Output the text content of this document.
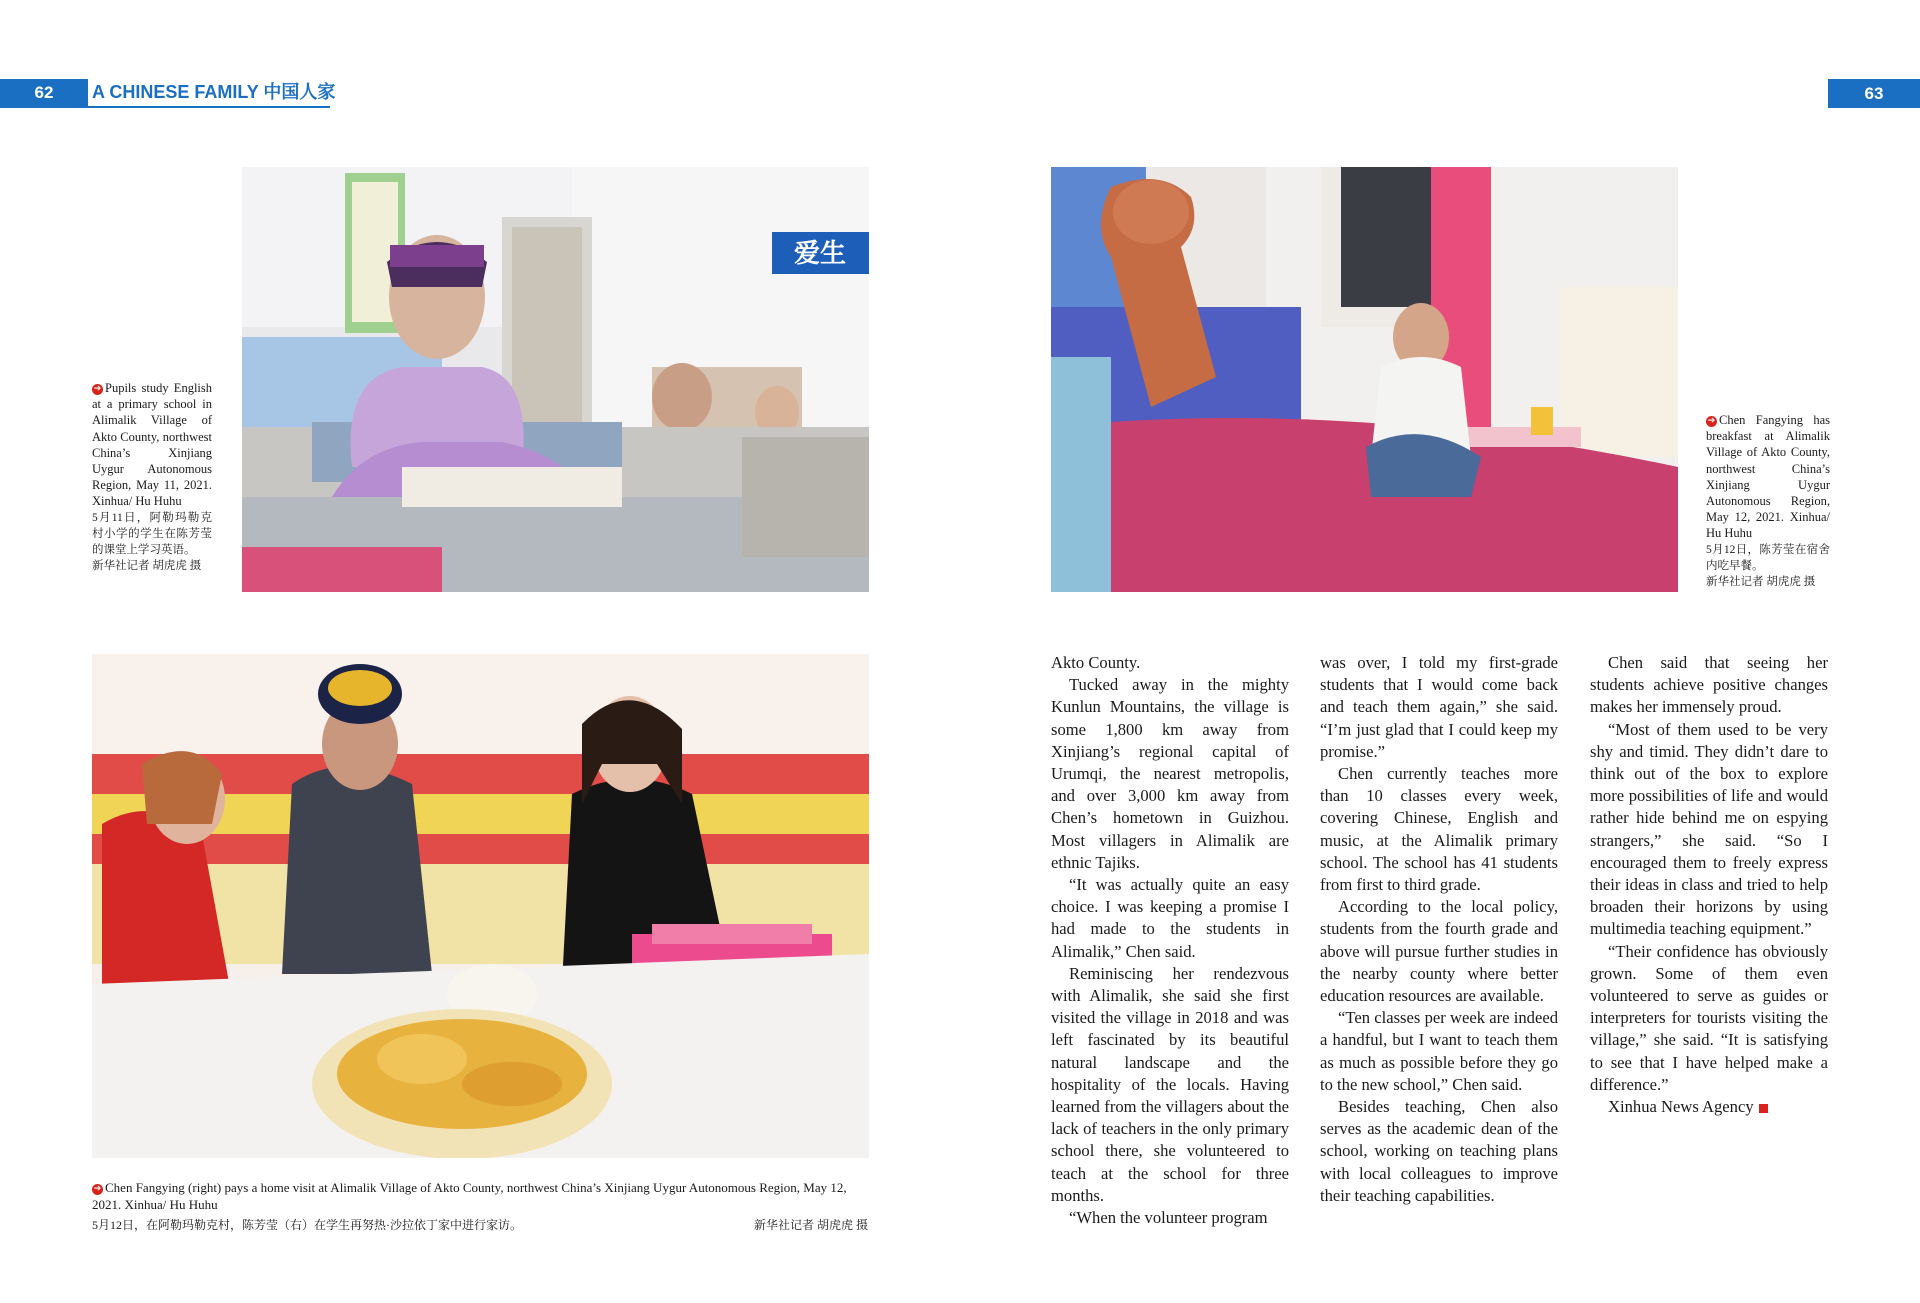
62	A CHINESE FAMILY 中国人家	63
爱生
➔ Pupils study English at a primary school in Alimalik Village of Akto County, northwest China’s Xinjiang Uygur Autonomous Region, May 11, 2021. Xinhua/ Hu Huhu
5月11日，阿勒玛勒克村小学的学生在陈芳莹的课堂上学习英语。
新华社记者 胡虎虎 摄
➔ Chen Fangying has breakfast at Alimalik Village of Akto County, northwest China’s Xinjiang Uygur Autonomous Region, May 12, 2021. Xinhua/ Hu Huhu
5月12日，陈芳莹在宿舍内吃早餐。
新华社记者 胡虎虎 摄
➔ Chen Fangying (right) pays a home visit at Alimalik Village of Akto County, northwest China’s Xinjiang Uygur Autonomous Region, May 12, 2021. Xinhua/ Hu Huhu
5月12日，在阿勒玛勒克村，陈芳莹（右）在学生再努热·沙拉依丁家中进行家访。	新华社记者 胡虎虎 摄

Akto County.

Tucked away in the mighty Kunlun Mountains, the village is some 1,800 km away from Xinjiang’s regional capital of Urumqi, the nearest metropolis, and over 3,000 km away from Chen’s hometown in Guizhou. Most villagers in Alimalik are ethnic Tajiks.

“It was actually quite an easy choice. I was keeping a promise I had made to the students in Alimalik,” Chen said.

Reminiscing her rendezvous with Alimalik, she said she first visited the village in 2018 and was left fascinated by its beautiful natural landscape and the hospitality of the locals. Having learned from the villagers about the lack of teachers in the only primary school there, she volunteered to teach at the school for three months.

“When the volunteer program

was over, I told my first-grade students that I would come back and teach them again,” she said. “I’m just glad that I could keep my promise.”

Chen currently teaches more than 10 classes every week, covering Chinese, English and music, at the Alimalik primary school. The school has 41 students from first to third grade.

According to the local policy, students from the fourth grade and above will pursue further studies in the nearby county where better education resources are available.

“Ten classes per week are indeed a handful, but I want to teach them as much as possible before they go to the new school,” Chen said.

Besides teaching, Chen also serves as the academic dean of the school, working on teaching plans with local colleagues to improve their teaching capabilities.

Chen said that seeing her students achieve positive changes makes her immensely proud.

“Most of them used to be very shy and timid. They didn’t dare to think out of the box to explore more possibilities of life and would rather hide behind me on espying strangers,” she said. “So I encouraged them to freely express their ideas in class and tried to help broaden their horizons by using multimedia teaching equipment.”

“Their confidence has obviously grown. Some of them even volunteered to serve as guides or interpreters for tourists visiting the village,” she said. “It is satisfying to see that I have helped make a difference.”

Xinhua News Agency
